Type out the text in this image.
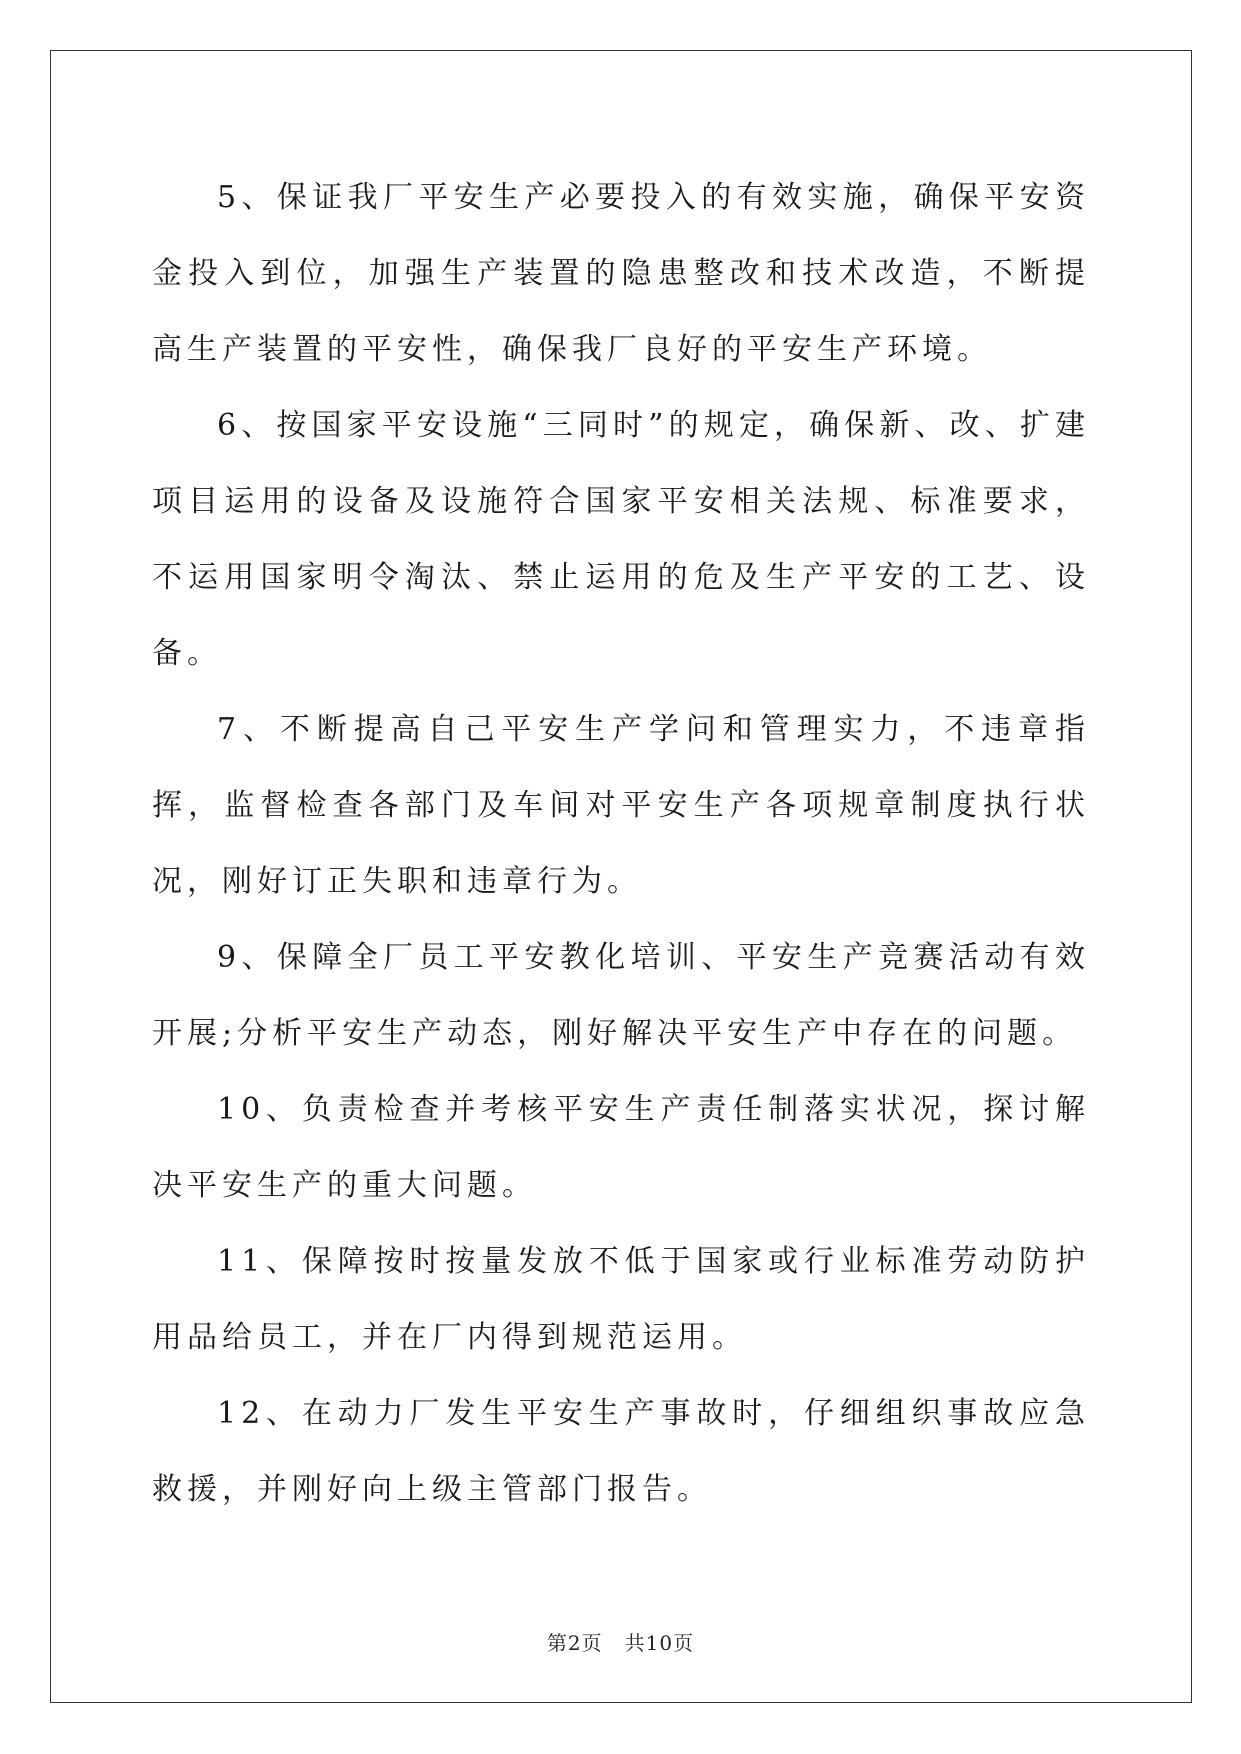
5、保证我厂平安生产必要投入的有效实施，确保平安资金投入到位，加强生产装置的隐患整改和技术改造，不断提高生产装置的平安性，确保我厂良好的平安生产环境。

6、按国家平安设施“三同时”的规定，确保新、改、扩建项目运用的设备及设施符合国家平安相关法规、标准要求，不运用国家明令淘汰、禁止运用的危及生产平安的工艺、设备。

7、不断提高自己平安生产学问和管理实力，不违章指挥，监督检查各部门及车间对平安生产各项规章制度执行状况，刚好订正失职和违章行为。

9、保障全厂员工平安教化培训、平安生产竞赛活动有效开展;分析平安生产动态，刚好解决平安生产中存在的问题。

10、负责检查并考核平安生产责任制落实状况，探讨解决平安生产的重大问题。

11、保障按时按量发放不低于国家或行业标准劳动防护用品给员工，并在厂内得到规范运用。

12、在动力厂发生平安生产事故时，仔细组织事故应急救援，并刚好向上级主管部门报告。

第2页 共10页
